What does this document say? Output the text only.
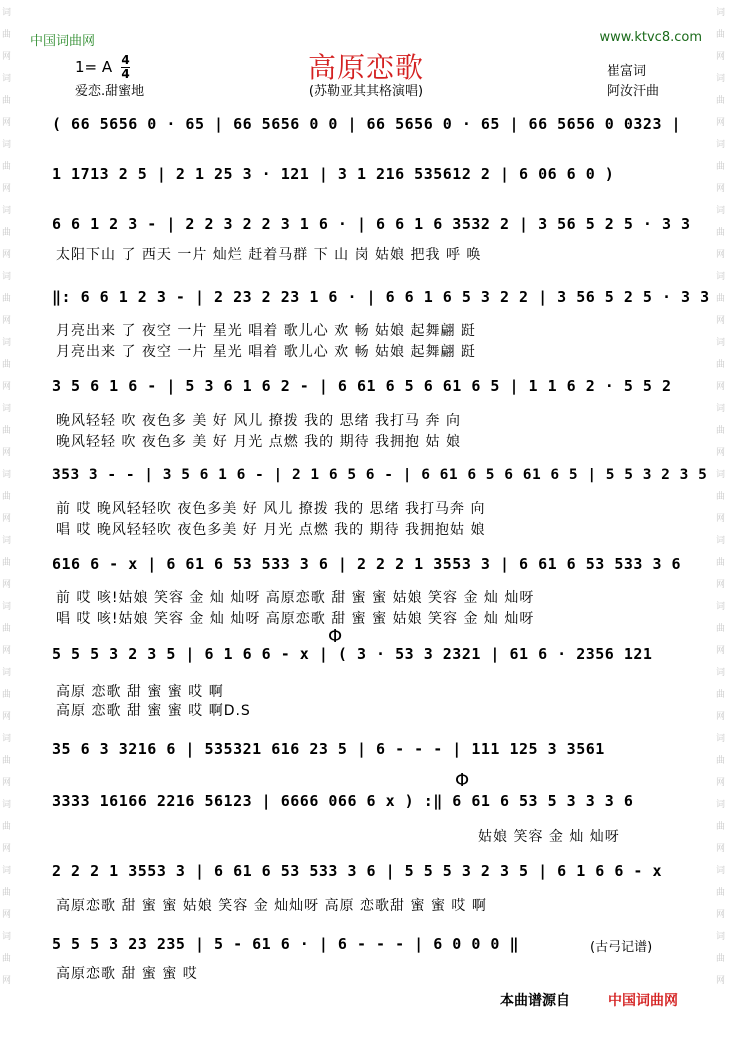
词
曲
网
词
曲
网
词
曲
网
词
曲
网
词
曲
网
词
曲
网
词
曲
网
词
曲
网
词
曲
网
词
曲
网
词
曲
网
词
曲
网
词
曲
网
词
曲
网
词
曲
网
词
曲
网
词
曲
网
词
曲
网
词
曲
网
词
曲
网
词
曲
网
词
曲
网
词
曲
网
词
曲
网
词
曲
网
词
曲
网
词
曲
网
词
曲
网
词
曲
网
词
曲
网
中国词曲网	www.ktvc8.com
高原恋歌
1= A 4
4
爱恋.甜蜜地	(苏勒亚其其格演唱)
崔富词
阿汝汗曲
( 66 5656 0 · 65 | 66 5656 0 0 | 66 5656 0 · 65 | 66 5656 0 0323 |
1 1713 2 5 | 2 1 25 3 · 121 | 3 1 216 535612 2 | 6 06 6 0 )
6 6 1 2 3 - | 2 2 3 2 2 3 1 6 · | 6 6 1 6 3532 2 | 3 56 5 2 5 · 3 3
‖: 6 6 1 2 3 - | 2 23 2 23 1 6 · | 6 6 1 6 5 3 2 2 | 3 56 5 2 5 · 3 3
3 5 6 1 6 - | 5 3 6 1 6 2 - | 6 61 6 5 6 61 6 5 | 1 1 6 2 · 5 5 2
353 3 - - | 3 5 6 1 6 - | 2 1 6 5 6 - | 6 61 6 5 6 61 6 5 | 5 5 3 2 3 5
616 6 - x | 6 61 6 53 533 3 6 | 2 2 2 1 3553 3 | 6 61 6 53 533 3 6
5 5 5 3 2 3 5 | 6 1 6 6 - x | ( 3 · 53 3 2321 | 61 6 · 2356 121
35 6 3 3216 6 | 535321 616 23 5 | 6 - - - | 111 125 3 3561
3333 16166 2216 56123 | 6666 066 6 x ) :‖ 6 61 6 53 5 3 3 3 6
2 2 2 1 3553 3 | 6 61 6 53 533 3 6 | 5 5 5 3 2 3 5 | 6 1 6 6 - x
5 5 5 3 23 235 | 5 - 61 6 · | 6 - - - | 6 0 0 0 ‖
太阳下山 了 西天 一片 灿烂 赶着马群 下 山 岗 姑娘 把我 呼 唤
月亮出来 了 夜空 一片 星光 唱着 歌儿心 欢 畅 姑娘 起舞翩 跹
月亮出来 了 夜空 一片 星光 唱着 歌儿心 欢 畅 姑娘 起舞翩 跹
晚风轻轻 吹 夜色多 美 好 风儿 撩拨 我的 思绪 我打马 奔 向
晚风轻轻 吹 夜色多 美 好 月光 点燃 我的 期待 我拥抱 姑 娘
前 哎 晚风轻轻吹 夜色多美 好 风儿 撩拨 我的 思绪 我打马奔 向
唱 哎 晚风轻轻吹 夜色多美 好 月光 点燃 我的 期待 我拥抱姑 娘
前 哎 咳!姑娘 笑容 金 灿 灿呀 高原恋歌 甜 蜜 蜜 姑娘 笑容 金 灿 灿呀
唱 哎 咳!姑娘 笑容 金 灿 灿呀 高原恋歌 甜 蜜 蜜 姑娘 笑容 金 灿 灿呀
高原 恋歌 甜 蜜 蜜 哎 啊
高原 恋歌 甜 蜜 蜜 哎 啊D.S
姑娘 笑容 金 灿 灿呀
高原恋歌 甜 蜜 蜜 姑娘 笑容 金 灿灿呀 高原 恋歌甜 蜜 蜜 哎 啊
高原恋歌 甜 蜜 蜜 哎
Φ
Φ
(古弓记谱)
本曲谱源自	中国词曲网
